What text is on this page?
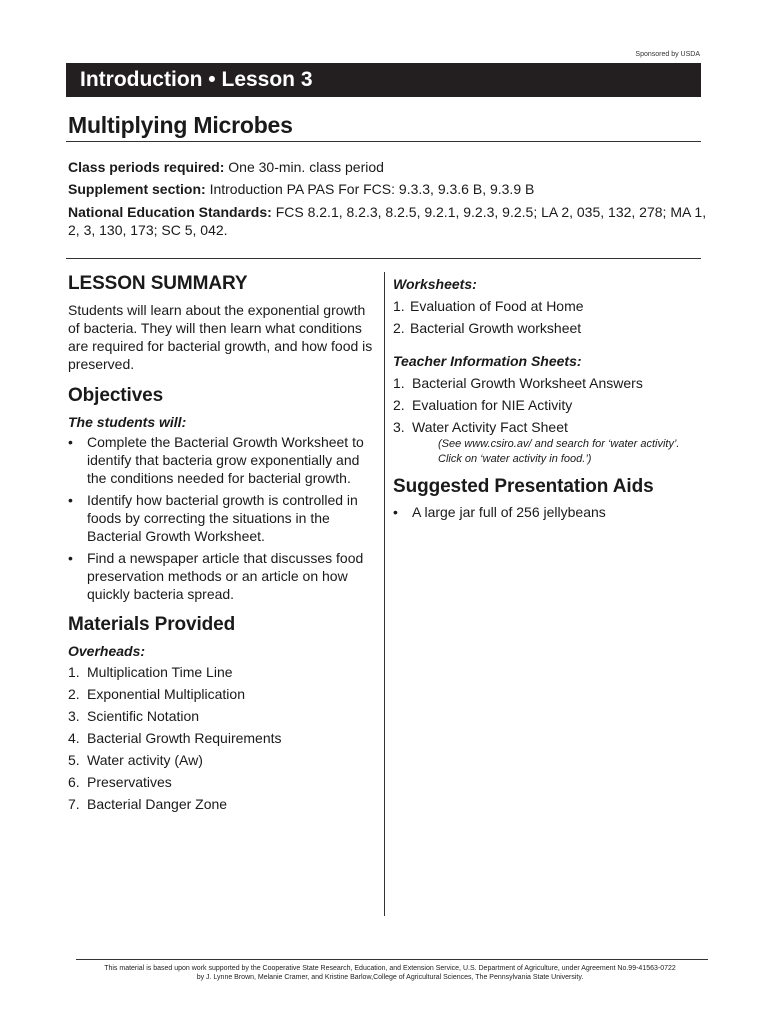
Sponsored by USDA
Introduction • Lesson 3
Multiplying Microbes
Class periods required: One 30-min. class period
Supplement section: Introduction PA PAS For FCS: 9.3.3, 9.3.6 B, 9.3.9 B
National Education Standards: FCS 8.2.1, 8.2.3, 8.2.5, 9.2.1, 9.2.3, 9.2.5; LA 2, 035, 132, 278; MA 1, 2, 3, 130, 173; SC 5, 042.
LESSON SUMMARY

Students will learn about the exponential growth of bacteria. They will then learn what conditions are required for bacterial growth, and how food is preserved.

Objectives
The students will:
• Complete the Bacterial Growth Worksheet to identify that bacteria grow exponentially and the conditions needed for bacterial growth.
• Identify how bacterial growth is controlled in foods by correcting the situations in the Bacterial Growth Worksheet.
• Find a newspaper article that discusses food preservation methods or an article on how quickly bacteria spread.
Materials Provided
Overheads:
1. Multiplication Time Line
2. Exponential Multiplication
3. Scientific Notation
4. Bacterial Growth Requirements
5. Water activity (Aw)
6. Preservatives
7. Bacterial Danger Zone
Worksheets:
1. Evaluation of Food at Home
2. Bacterial Growth worksheet
Teacher Information Sheets:
1. Bacterial Growth Worksheet Answers
2. Evaluation for NIE Activity
3. Water Activity Fact Sheet
(See www.csiro.av/ and search for ‘water activity’. Click on ‘water activity in food.’)
Suggested Presentation Aids
• A large jar full of 256 jellybeans
This material is based upon work supported by the Cooperative State Research, Education, and Extension Service, U.S. Department of Agriculture, under Agreement No.99-41563-0722
by J. Lynne Brown, Melanie Cramer, and Kristine Barlow,College of Agricultural Sciences, The Pennsylvania State University.
